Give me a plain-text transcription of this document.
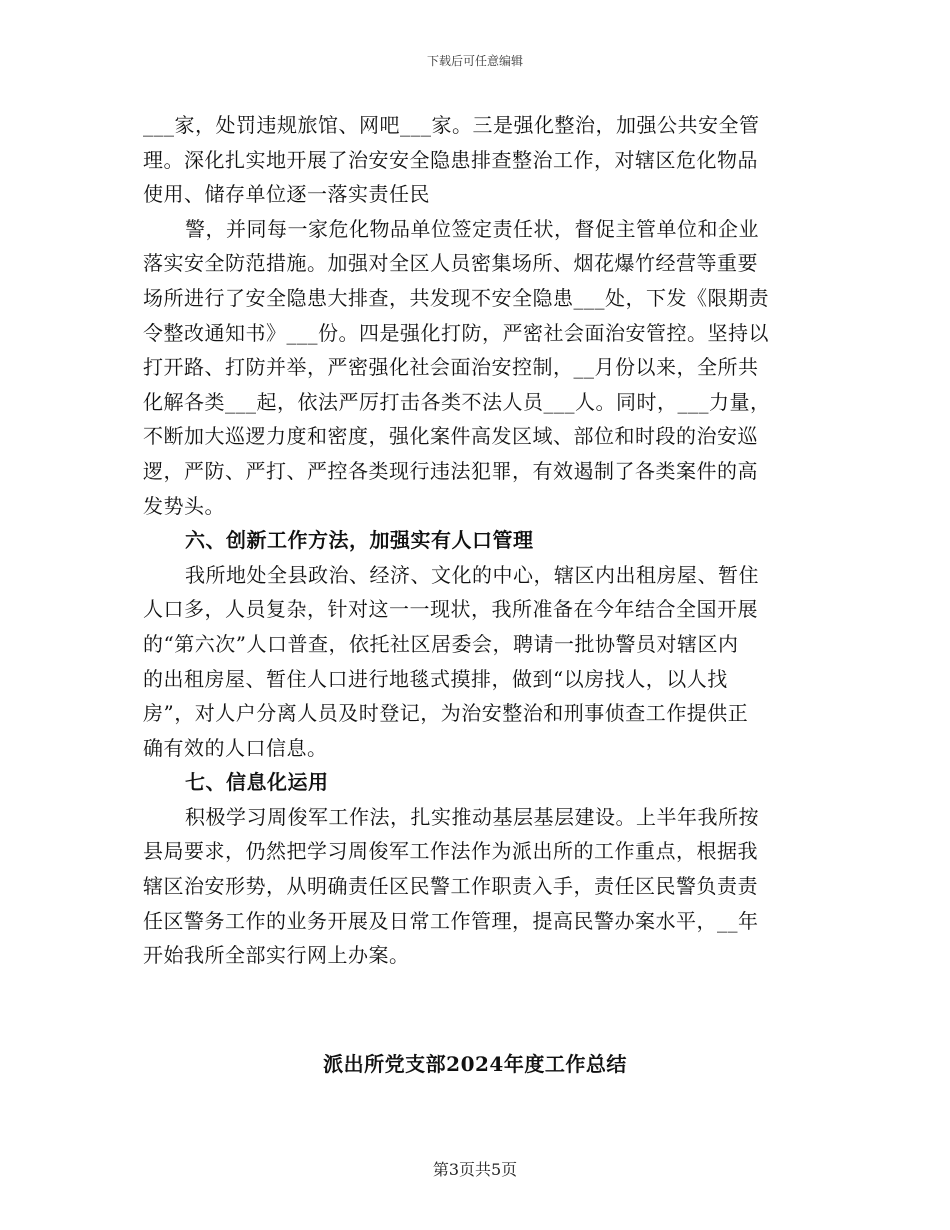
下载后可任意编辑
___家，处罚违规旅馆、网吧___家。三是强化整治，加强公共安全管
理。深化扎实地开展了治安安全隐患排查整治工作，对辖区危化物品
使用、储存单位逐一落实责任民
警，并同每一家危化物品单位签定责任状，督促主管单位和企业
落实安全防范措施。加强对全区人员密集场所、烟花爆竹经营等重要
场所进行了安全隐患大排查，共发现不安全隐患___处，下发《限期责
令整改通知书》___份。四是强化打防，严密社会面治安管控。坚持以
打开路、打防并举，严密强化社会面治安控制，__月份以来，全所共
化解各类___起，依法严厉打击各类不法人员___人。同时，___力量，
不断加大巡逻力度和密度，强化案件高发区域、部位和时段的治安巡
逻，严防、严打、严控各类现行违法犯罪，有效遏制了各类案件的高
发势头。
六、创新工作方法，加强实有人口管理
我所地处全县政治、经济、文化的中心，辖区内出租房屋、暂住
人口多，人员复杂，针对这一一现状，我所准备在今年结合全国开展
的“第六次”人口普查，依托社区居委会，聘请一批协警员对辖区内
的出租房屋、暂住人口进行地毯式摸排，做到“以房找人，以人找
房”，对人户分离人员及时登记，为治安整治和刑事侦查工作提供正
确有效的人口信息。
七、信息化运用
积极学习周俊军工作法，扎实推动基层基层建设。上半年我所按
县局要求，仍然把学习周俊军工作法作为派出所的工作重点，根据我
辖区治安形势，从明确责任区民警工作职责入手，责任区民警负责责
任区警务工作的业务开展及日常工作管理，提高民警办案水平，__年
开始我所全部实行网上办案。
派出所党支部2024年度工作总结
第3页共5页
